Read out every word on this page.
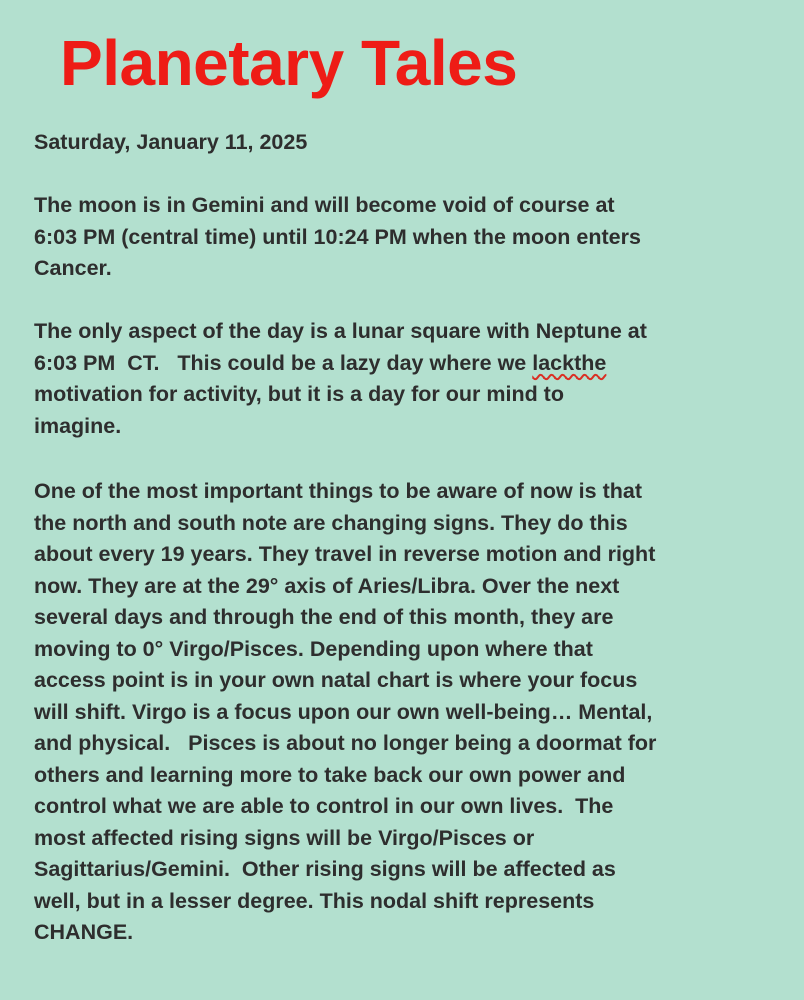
Planetary Tales
Saturday, January 11, 2025
The moon is in Gemini and will become void of course at
6:03 PM (central time) until 10:24 PM when the moon enters
Cancer.
The only aspect of the day is a lunar square with Neptune at
6:03 PM  CT.   This could be a lazy day where we lackthe
motivation for activity, but it is a day for our mind to
imagine.
One of the most important things to be aware of now is that
the north and south note are changing signs. They do this
about every 19 years. They travel in reverse motion and right
now. They are at the 29° axis of Aries/Libra. Over the next
several days and through the end of this month, they are
moving to 0° Virgo/Pisces. Depending upon where that
access point is in your own natal chart is where your focus
will shift. Virgo is a focus upon our own well-being… Mental,
and physical.   Pisces is about no longer being a doormat for
others and learning more to take back our own power and
control what we are able to control in our own lives.  The
most affected rising signs will be Virgo/Pisces or
Sagittarius/Gemini.  Other rising signs will be affected as
well, but in a lesser degree. This nodal shift represents
CHANGE.
